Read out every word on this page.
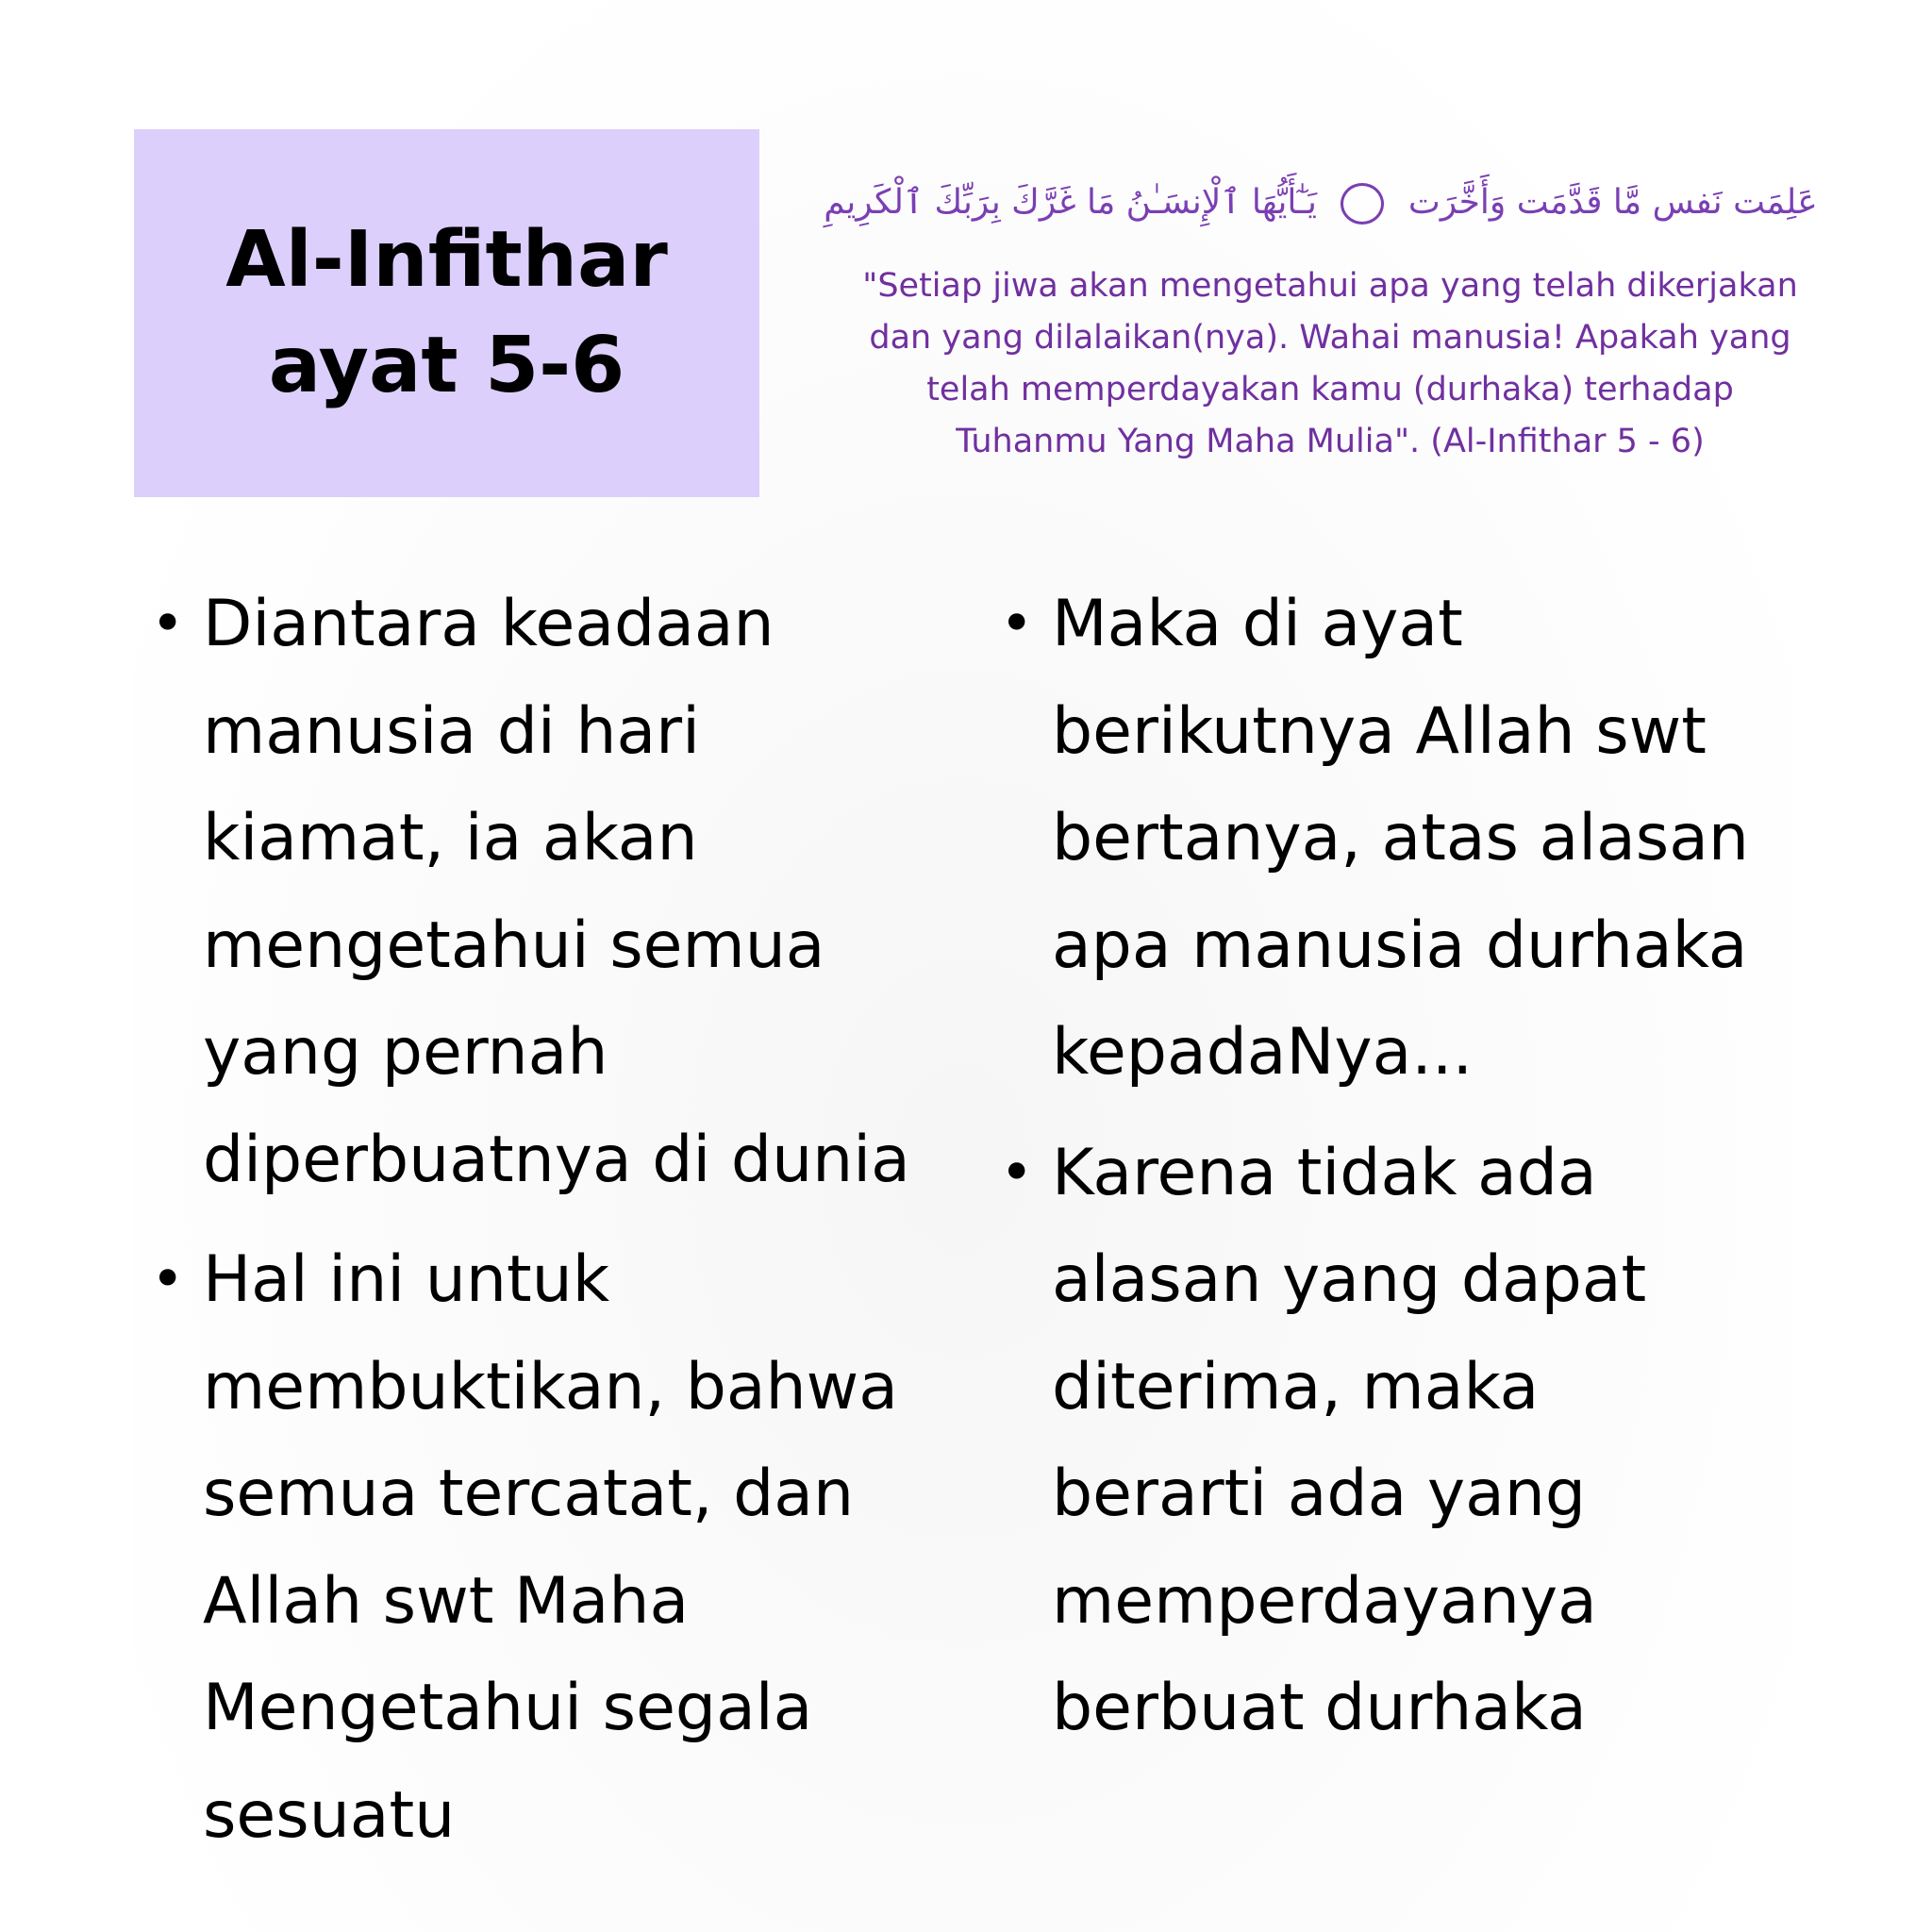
Al-Infithar
ayat 5-6
عَلِمَت نَفس مَّا قَدَّمَت وَأَخَّرَت  يَـٰٓأَيُّهَا ٱلْإِنسَـٰنُ مَا غَرَّكَ بِرَبِّكَ ٱلْكَرِيمِ
"Setiap jiwa akan mengetahui apa yang telah dikerjakan
dan yang dilalaikan(nya). Wahai manusia! Apakah yang
telah memperdayakan kamu (durhaka) terhadap
Tuhanmu Yang Maha Mulia". (Al-Infithar 5 - 6)
• Diantara keadaan
manusia di hari
kiamat, ia akan
mengetahui semua
yang pernah
diperbuatnya di dunia
• Hal ini untuk
membuktikan, bahwa
semua tercatat, dan
Allah swt Maha
Mengetahui segala
sesuatu
• Maka di ayat
berikutnya Allah swt
bertanya, atas alasan
apa manusia durhaka
kepadaNya...
• Karena tidak ada
alasan yang dapat
diterima, maka
berarti ada yang
memperdayanya
berbuat durhaka
